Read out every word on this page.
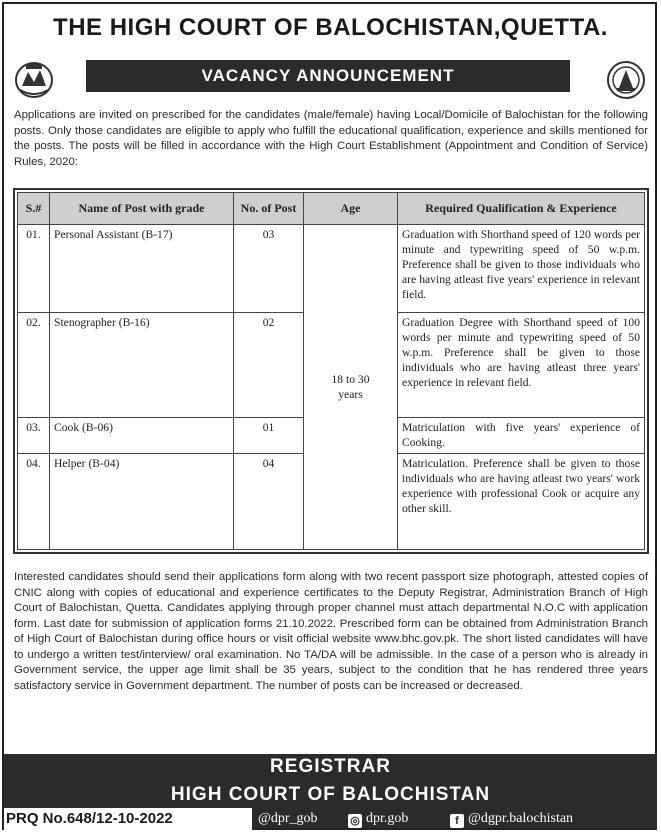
THE HIGH COURT OF BALOCHISTAN,QUETTA.
VACANCY ANNOUNCEMENT
Applications are invited on prescribed for the candidates (male/female) having Local/Domicile of Balochistan for the following posts. Only those candidates are eligible to apply who fulfill the educational qualification, experience and skills mentioned for the posts. The posts will be filled in accordance with the High Court Establishment (Appointment and Condition of Service) Rules, 2020:
S.#	Name of Post with grade	No. of Post	Age	Required Qualification & Experience
01.	Personal Assistant (B-17)	03	18 to 30 years	Graduation with Shorthand speed of 120 words per minute and typewriting speed of 50 w.p.m. Preference shall be given to those individuals who are having atleast five years' experience in relevant field.
02.	Stenographer (B-16)	02		Graduation Degree with Shorthand speed of 100 words per minute and typewriting speed of 50 w.p.m. Preference shall be given to those individuals who are having atleast three years' experience in relevant field.
03.	Cook (B-06)	01		Matriculation with five years' experience of Cooking.
04.	Helper (B-04)	04		Matriculation. Preference shall be given to those individuals who are having atleast two years' work experience with professional Cook or acquire any other skill.
Interested candidates should send their applications form along with two recent passport size photograph, attested copies of CNIC along with copies of educational and experience certificates to the Deputy Registrar, Administration Branch of High Court of Balochistan, Quetta. Candidates applying through proper channel must attach departmental N.O.C with application form. Last date for submission of application forms 21.10.2022. Prescribed form can be obtained from Administration Branch of High Court of Balochistan during office hours or visit official website www.bhc.gov.pk. The short listed candidates will have to undergo a written test/interview/ oral examination. No TA/DA will be admissible. In the case of a person who is already in Government service, the upper age limit shall be 35 years, subject to the condition that he has rendered three years satisfactory service in Government department. The number of posts can be increased or decreased.
REGISTRAR
HIGH COURT OF BALOCHISTAN
PRQ No.648/12-10-2022	@dpr_gob	◎ dpr.gob	f @dgpr.balochistan
